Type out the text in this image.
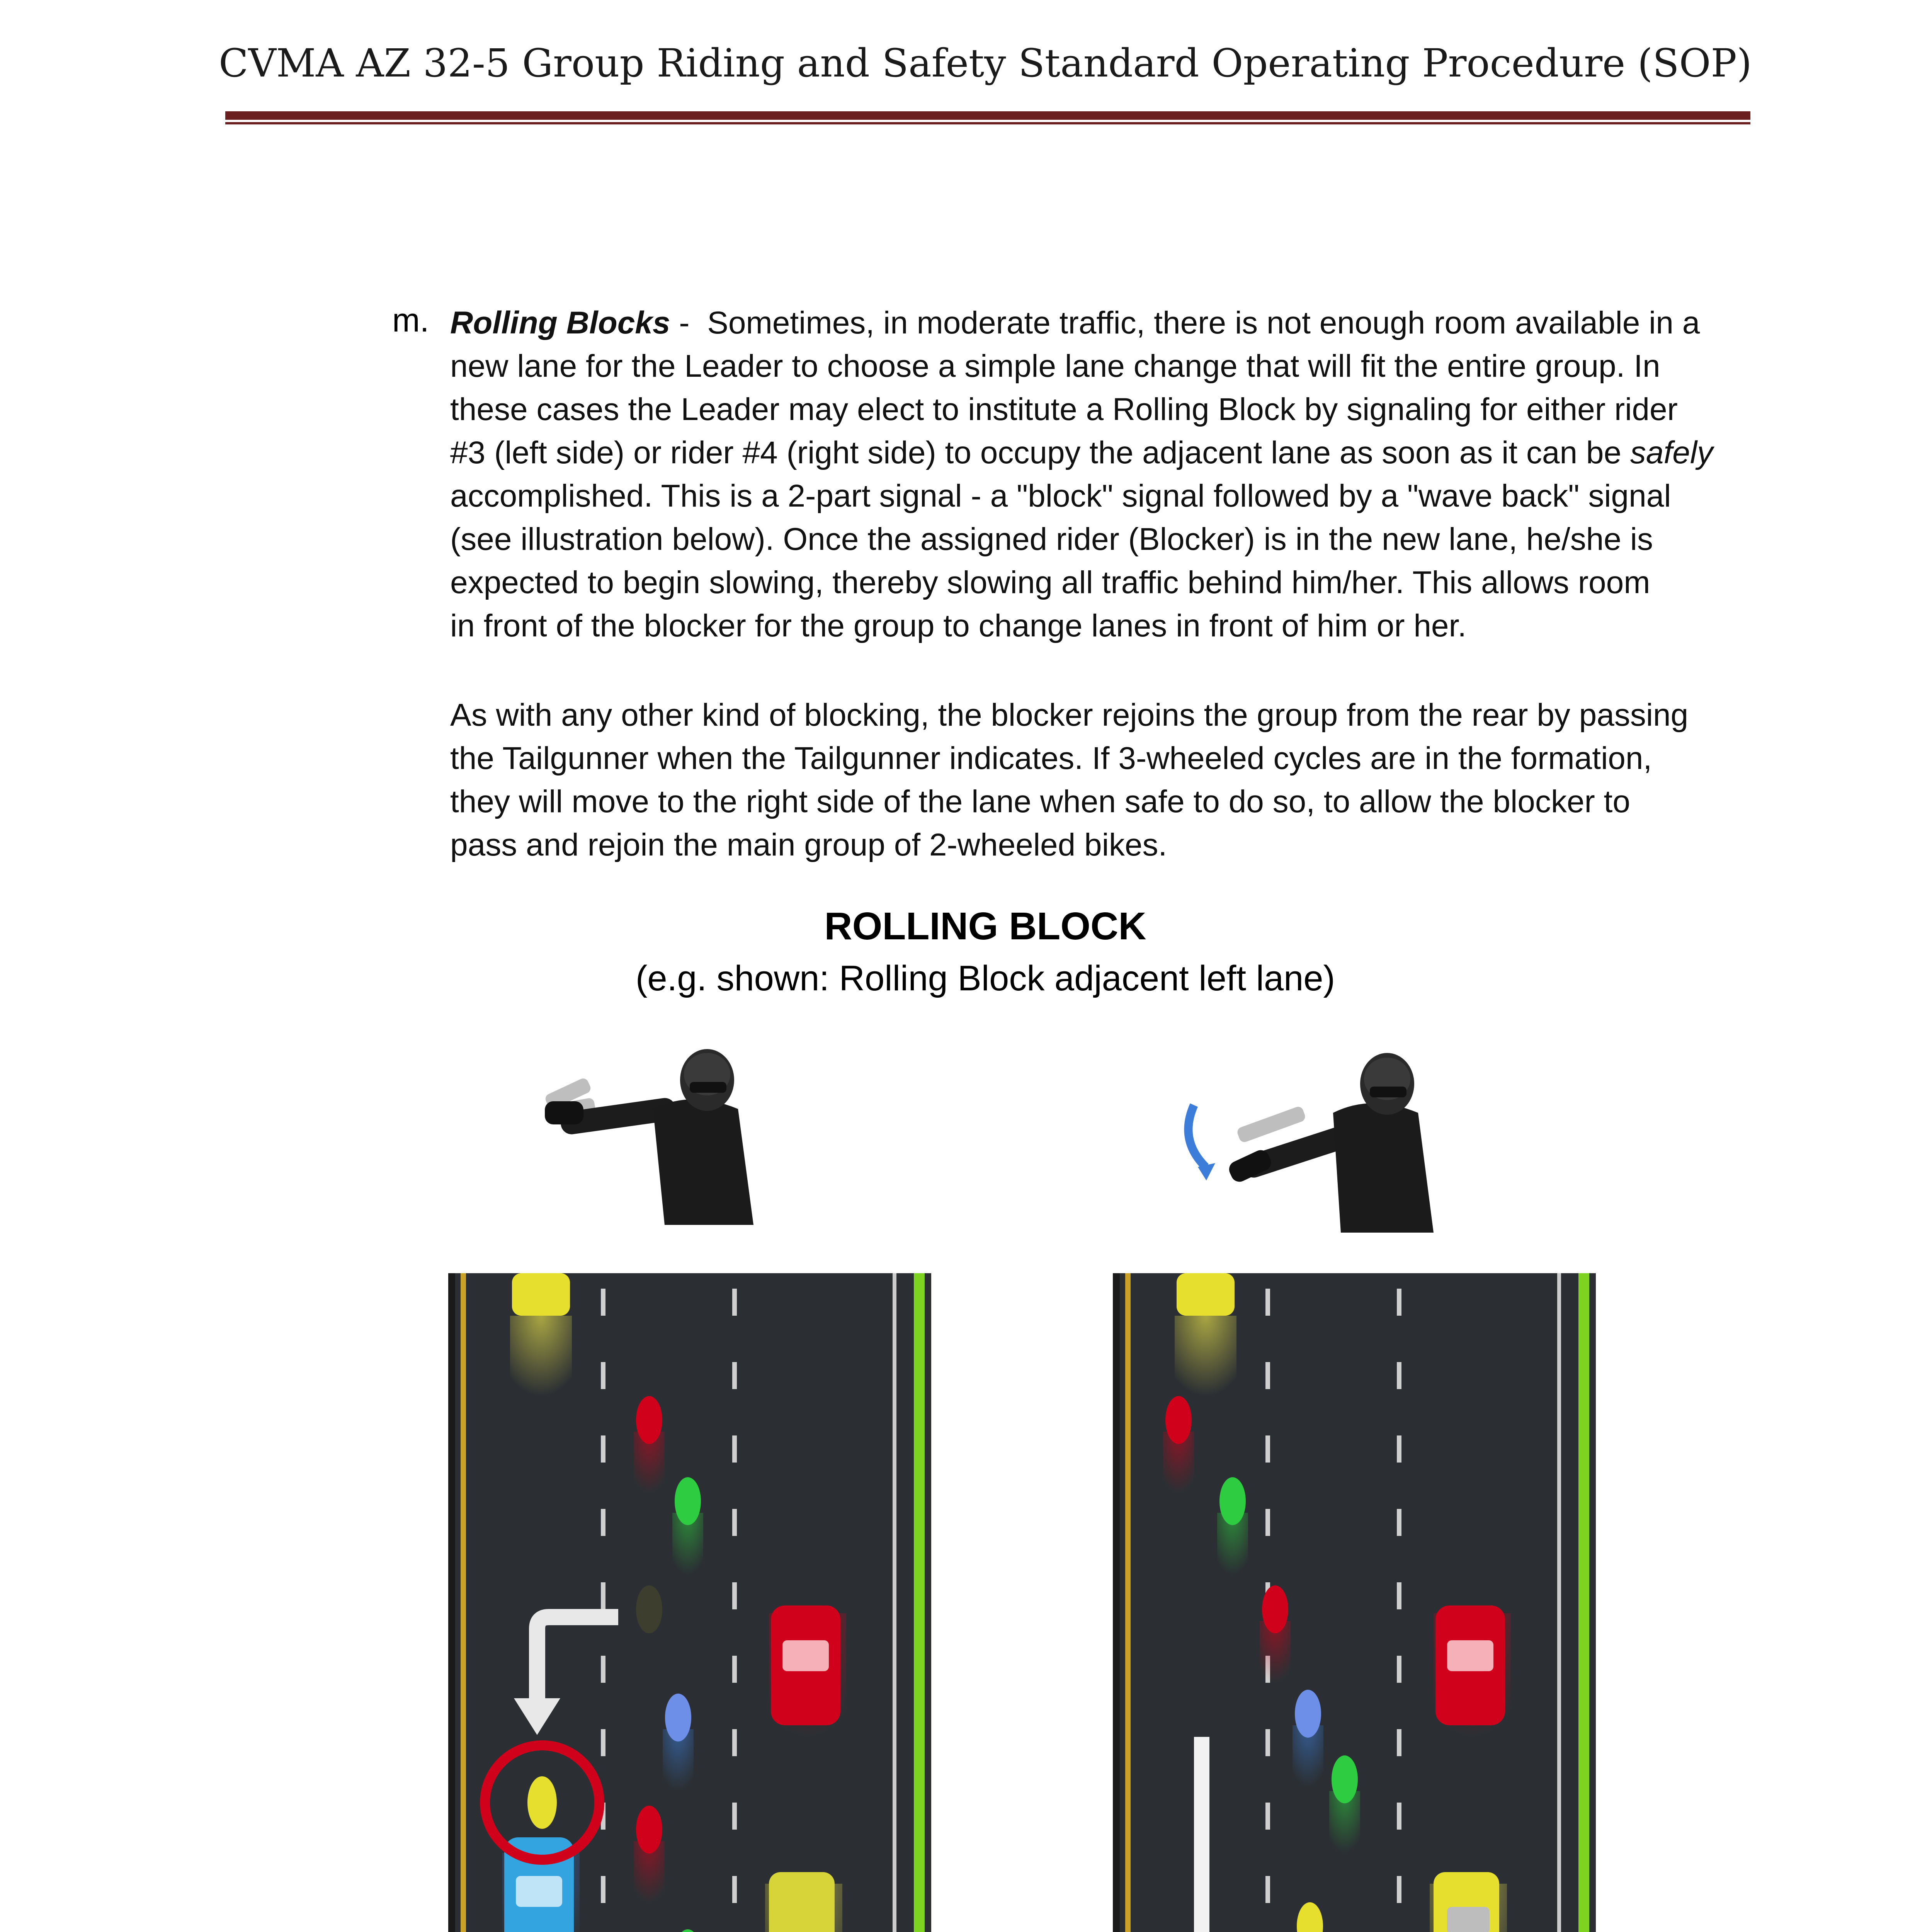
CVMA AZ 32-5 Group Riding and Safety Standard Operating Procedure (SOP)
m. Rolling Blocks -  Sometimes, in moderate traffic, there is not enough room available in a

new lane for the Leader to choose a simple lane change that will fit the entire group. In

these cases the Leader may elect to institute a Rolling Block by signaling for either rider

#3 (left side) or rider #4 (right side) to occupy the adjacent lane as soon as it can be safely

accomplished. This is a 2-part signal - a "block" signal followed by a "wave back" signal

(see illustration below). Once the assigned rider (Blocker) is in the new lane, he/she is

expected to begin slowing, thereby slowing all traffic behind him/her. This allows room

in front of the blocker for the group to change lanes in front of him or her.

As with any other kind of blocking, the blocker rejoins the group from the rear by passing

the Tailgunner when the Tailgunner indicates. If 3-wheeled cycles are in the formation,

they will move to the right side of the lane when safe to do so, to allow the blocker to

pass and rejoin the main group of 2-wheeled bikes.

ROLLING BLOCK
(e.g. shown: Rolling Block adjacent left lane)
